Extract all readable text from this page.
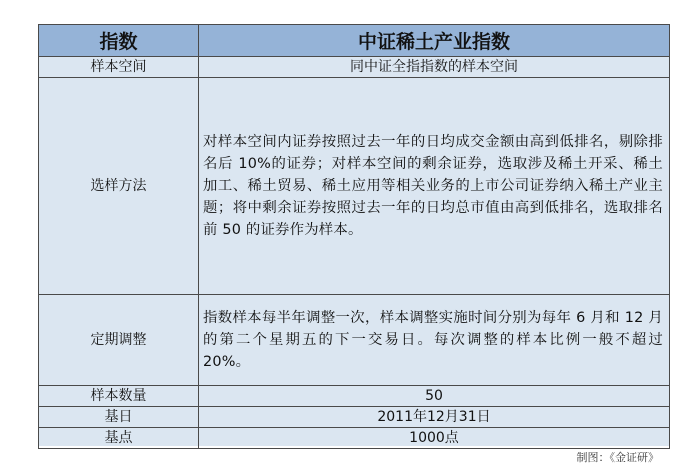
指数	中证稀土产业指数
样本空间	同中证全指指数的样本空间
选样方法	对样本空间内证券按照过去一年的日均成交金额由高到低排名，剔除排名后 10%的证券；对样本空间的剩余证券，选取涉及稀土开采、稀土加工、稀土贸易、稀土应用等相关业务的上市公司证券纳入稀土产业主题；将中剩余证券按照过去一年的日均总市值由高到低排名，选取排名前 50 的证券作为样本。
定期调整	指数样本每半年调整一次，样本调整实施时间分别为每年 6 月和 12 月的第二个星期五的下一交易日。每次调整的样本比例一般不超过 20%。
样本数量	50
基日	2011年12月31日
基点	1000点
制图：《金证研》
